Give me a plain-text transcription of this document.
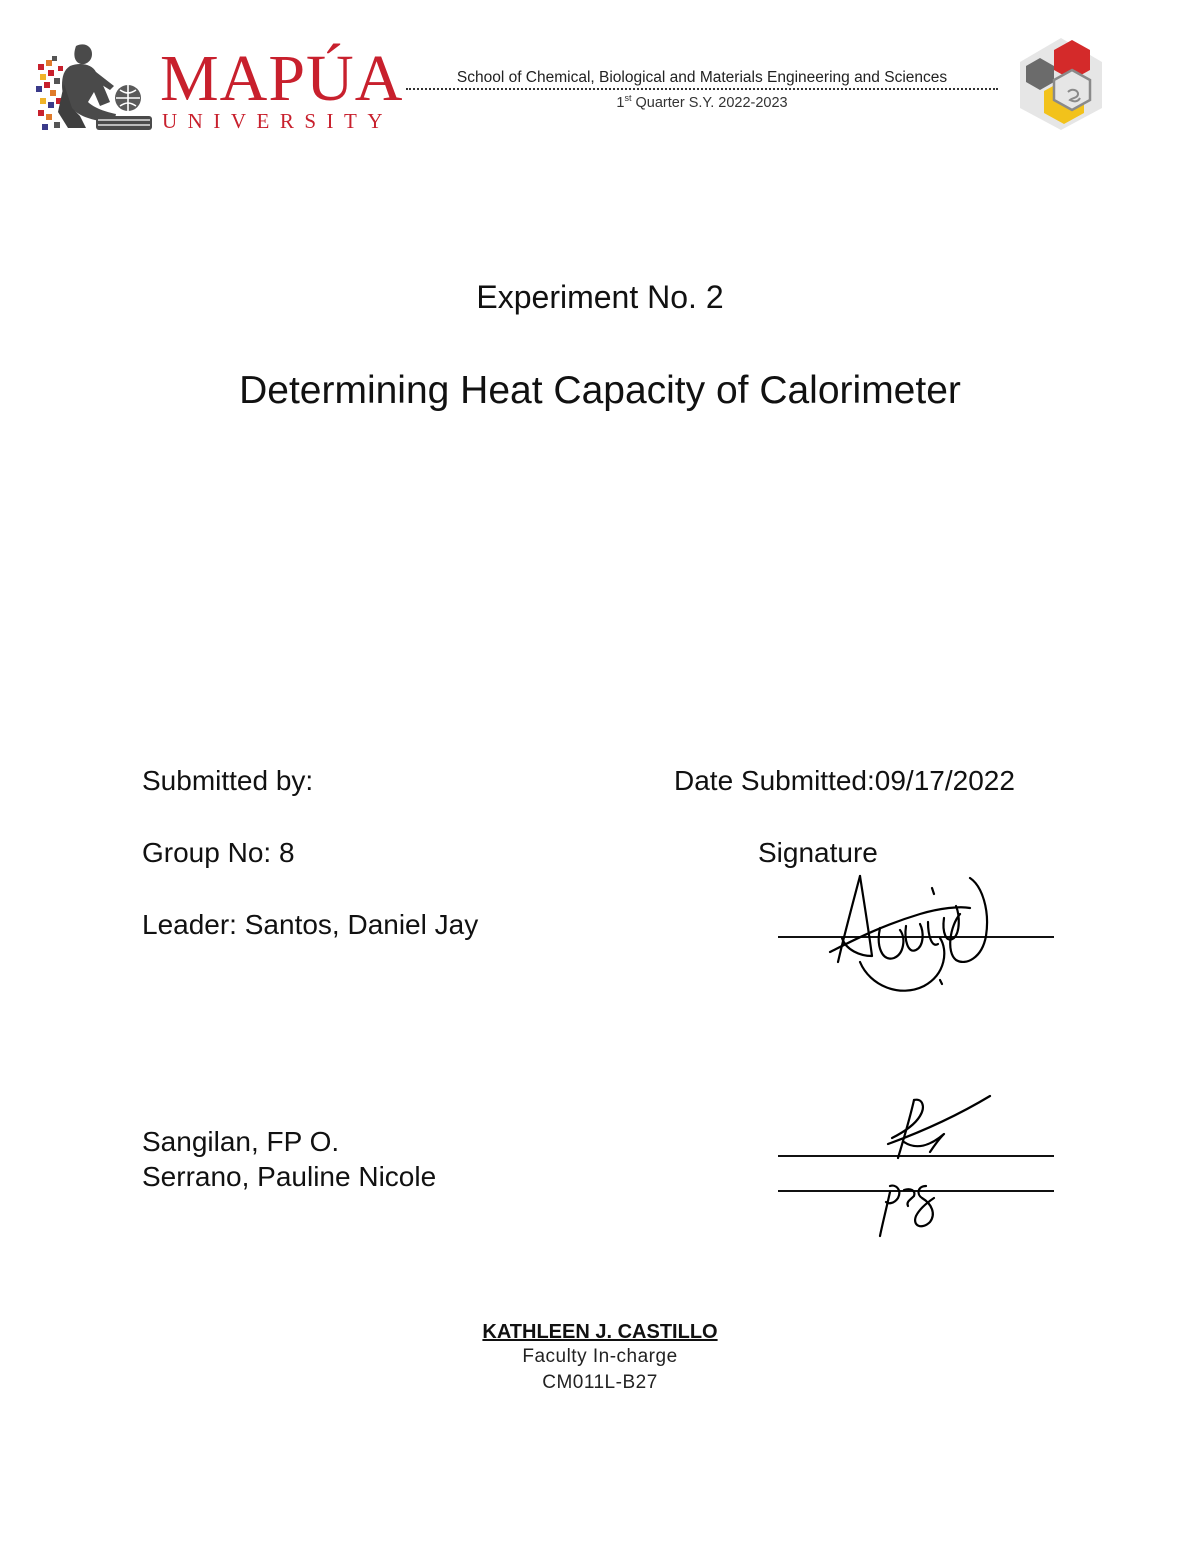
MAPÚA
UNIVERSITY
School of Chemical, Biological and Materials Engineering and Sciences
1st Quarter S.Y. 2022-2023
Experiment No. 2
Determining Heat Capacity of Calorimeter
Submitted by:	Date Submitted:09/17/2022
Group No: 8	Signature
Leader: Santos, Daniel Jay
Sangilan, FP O.
Serrano, Pauline Nicole
KATHLEEN J. CASTILLO
Faculty In-charge
CM011L-B27
